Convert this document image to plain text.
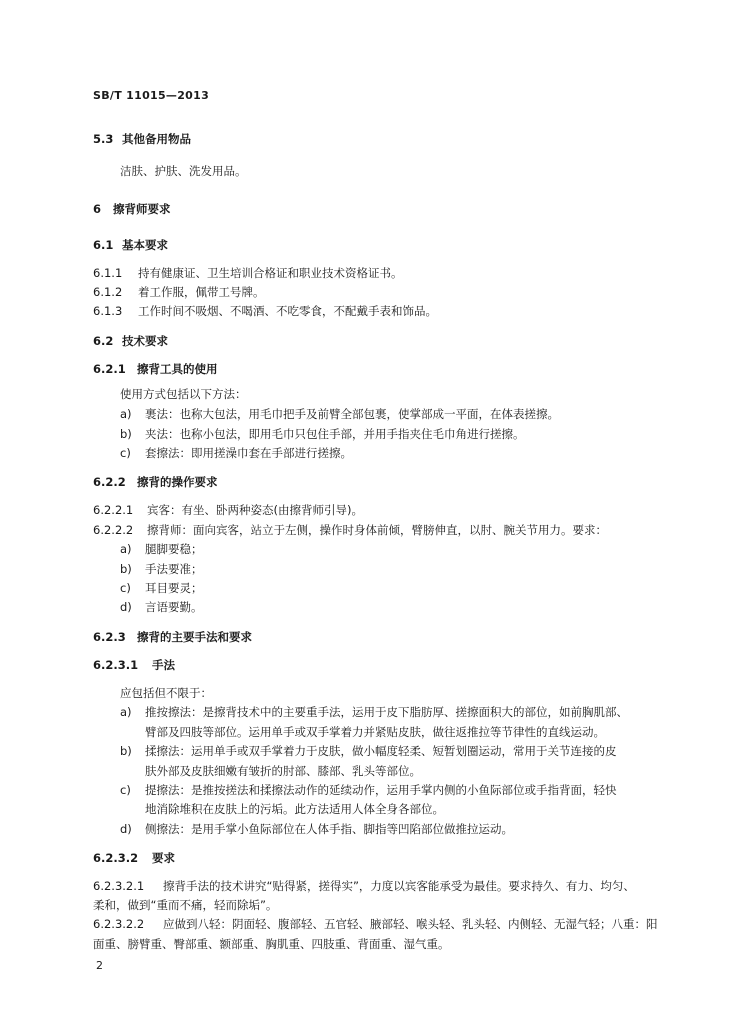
SB/T 11015—2013
5.3 其他备用物品
洁肤、护肤、洗发用品。
6 擦背师要求
6.1 基本要求
6.1.1 持有健康证、卫生培训合格证和职业技术资格证书。
6.1.2 着工作服，佩带工号牌。
6.1.3 工作时间不吸烟、不喝酒、不吃零食，不配戴手表和饰品。
6.2 技术要求
6.2.1 擦背工具的使用
使用方式包括以下方法：
a) 裹法：也称大包法，用毛巾把手及前臂全部包裹，使掌部成一平面，在体表搓擦。
b) 夹法：也称小包法，即用毛巾只包住手部，并用手指夹住毛巾角进行搓擦。
c) 套擦法：即用搓澡巾套在手部进行搓擦。
6.2.2 擦背的操作要求
6.2.2.1 宾客：有坐、卧两种姿态(由擦背师引导)。
6.2.2.2 擦背师：面向宾客，站立于左侧，操作时身体前倾，臂膀伸直，以肘、腕关节用力。要求：
a) 腿脚要稳；
b) 手法要准；
c) 耳目要灵；
d) 言语要勤。
6.2.3 擦背的主要手法和要求
6.2.3.1 手法
应包括但不限于：
a) 推按擦法：是擦背技术中的主要重手法，运用于皮下脂肪厚、搓擦面积大的部位，如前胸肌部、
臂部及四肢等部位。运用单手或双手掌着力并紧贴皮肤，做往返推拉等节律性的直线运动。
b) 揉擦法：运用单手或双手掌着力于皮肤，做小幅度轻柔、短暂划圈运动，常用于关节连接的皮
肤外部及皮肤细嫩有皱折的肘部、膝部、乳头等部位。
c) 提擦法：是推按搓法和揉擦法动作的延续动作，运用手掌内侧的小鱼际部位或手指背面，轻快
地消除堆积在皮肤上的污垢。此方法适用人体全身各部位。
d) 侧擦法：是用手掌小鱼际部位在人体手指、脚指等凹陷部位做推拉运动。
6.2.3.2 要求
6.2.3.2.1 擦背手法的技术讲究“贴得紧，搓得实”，力度以宾客能承受为最佳。要求持久、有力、均匀、
柔和，做到“重而不痛，轻而除垢”。
6.2.3.2.2 应做到八轻：阴面轻、腹部轻、五官轻、腋部轻、喉头轻、乳头轻、内侧轻、无湿气轻；八重：阳
面重、膀臂重、臀部重、额部重、胸肌重、四肢重、背面重、湿气重。
2
